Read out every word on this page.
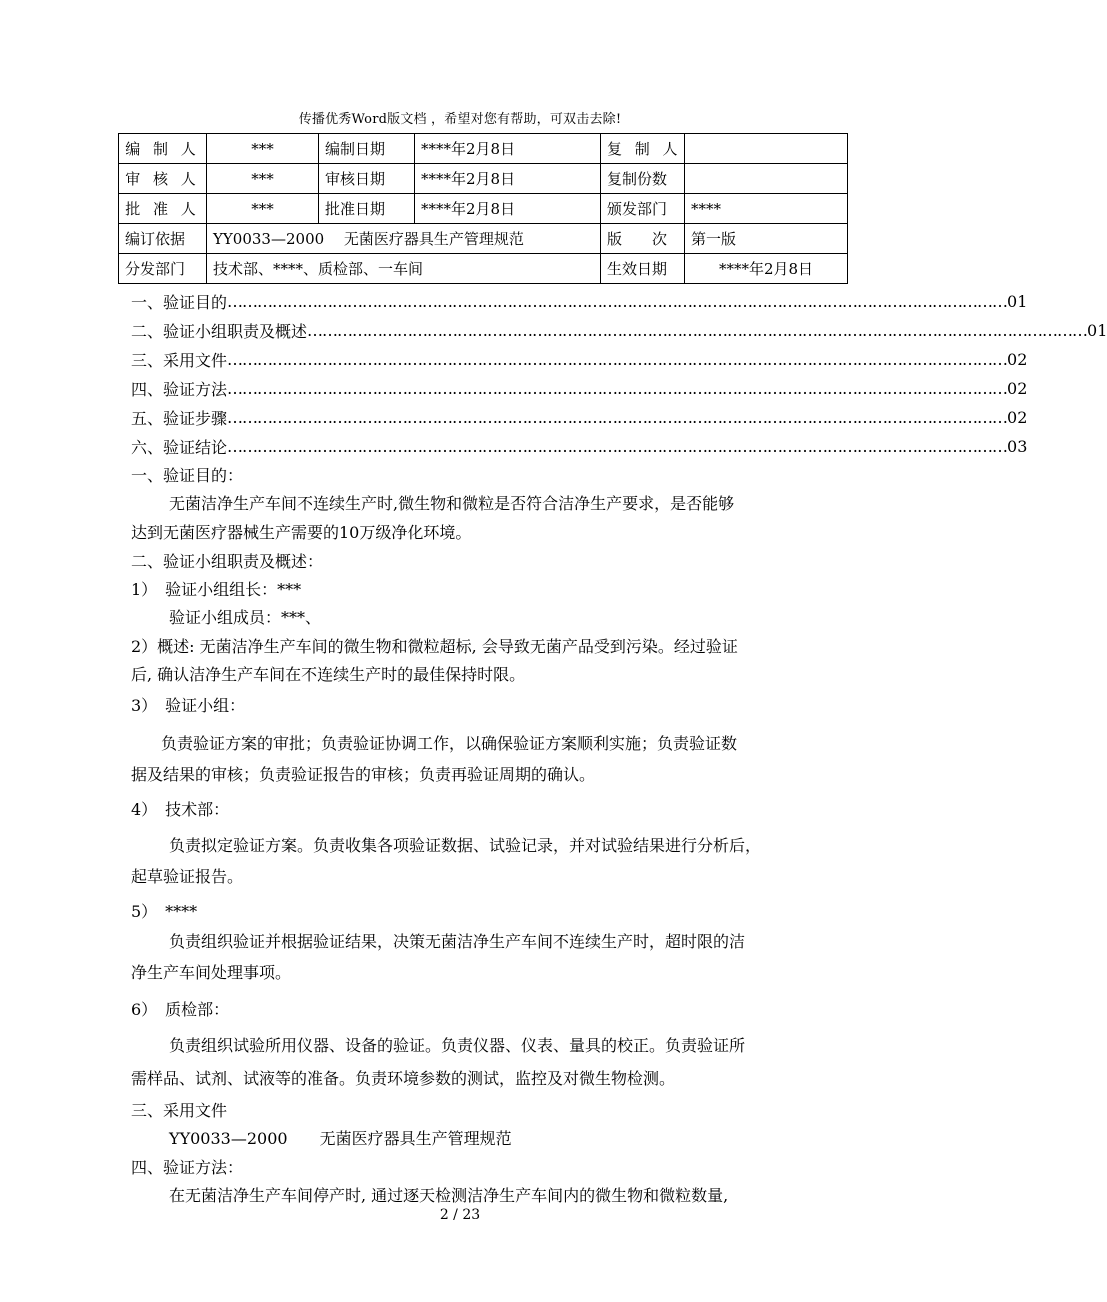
传播优秀Word版文档 ，希望对您有帮助，可双击去除!
编 制 人	***	编制日期	****年2月8日	复 制 人	
审 核 人	***	审核日期	****年2月8日	复制份数	
批 准 人	***	批准日期	****年2月8日	颁发部门	****
编订依据	YY0033—2000　 无菌医疗器具生产管理规范			版　　次	第一版
分发部门	技术部、****、质检部、一车间			生效日期	****年2月8日
一、验证目的 ………………………………………………………………………………………………………………………………………… 01
二、验证小组职责及概述 ………………………………………………………………………………………………………………………………………… 01
三、采用文件 ………………………………………………………………………………………………………………………………………… 02
四、验证方法 ………………………………………………………………………………………………………………………………………… 02
五、验证步骤 ………………………………………………………………………………………………………………………………………… 02
六、验证结论 ………………………………………………………………………………………………………………………………………… 03
一、验证目的：
无菌洁净生产车间不连续生产时,微生物和微粒是否符合洁净生产要求，是否能够
达到无菌医疗器械生产需要的10万级净化环境。
二、验证小组职责及概述：
1）　验证小组组长：***
验证小组成员：***、
2）概述: 无菌洁净生产车间的微生物和微粒超标, 会导致无菌产品受到污染。经过验证
后, 确认洁净生产车间在不连续生产时的最佳保持时限。
3）　验证小组：
负责验证方案的审批；负责验证协调工作，以确保验证方案顺利实施；负责验证数
据及结果的审核；负责验证报告的审核；负责再验证周期的确认。
4）　技术部：
负责拟定验证方案。负责收集各项验证数据、试验记录，并对试验结果进行分析后，
起草验证报告。
5）　****
负责组织验证并根据验证结果，决策无菌洁净生产车间不连续生产时，超时限的洁
净生产车间处理事项。
6）　质检部：
负责组织试验所用仪器、设备的验证。负责仪器、仪表、量具的校正。负责验证所
需样品、试剂、试液等的准备。负责环境参数的测试，监控及对微生物检测。
三、采用文件
YY0033—2000　　无菌医疗器具生产管理规范
四、验证方法：
在无菌洁净生产车间停产时, 通过逐天检测洁净生产车间内的微生物和微粒数量,
2 / 23
